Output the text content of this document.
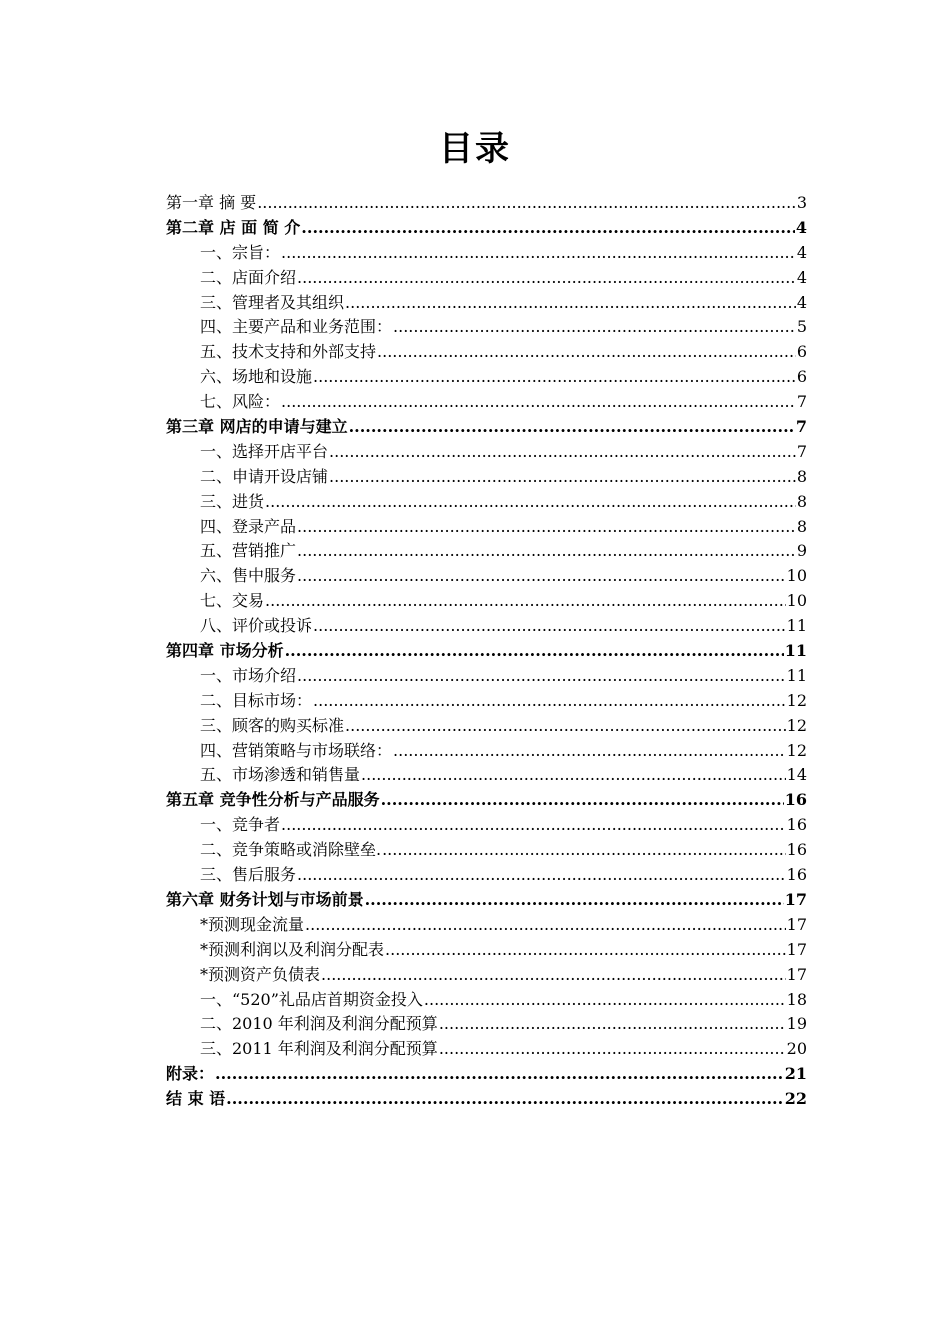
目录
第一章 摘 要 .....	3
第二章 店 面 简 介 .....	4
一、宗旨： .....	4
二、店面介绍 .....	4
三、管理者及其组织 .....	4
四、主要产品和业务范围： .....	5
五、技术支持和外部支持 .....	6
六、场地和设施 .....	6
七、风险： .....	7
第三章 网店的申请与建立 .....	7
一、选择开店平台 .....	7
二、申请开设店铺 .....	8
三、进货 .....	8
四、登录产品 .....	8
五、营销推广 .....	9
六、售中服务 .....	10
七、交易 .....	10
八、评价或投诉 .....	11
第四章 市场分析 .....	11
一、市场介绍 .....	11
二、目标市场： .....	12
三、顾客的购买标准 .....	12
四、营销策略与市场联络： .....	12
五、市场渗透和销售量 .....	14
第五章 竞争性分析与产品服务 .....	16
一、竞争者 .....	16
二、竞争策略或消除壁垒. .....	16
三、售后服务 .....	16
第六章 财务计划与市场前景 .....	17
*预测现金流量 .....	17
*预测利润以及利润分配表 .....	17
*预测资产负债表 .....	17
一、“520”礼品店首期资金投入 .....	18
二、2010 年利润及利润分配预算 .....	19
三、2011 年利润及利润分配预算 .....	20
附录： .....	21
结 束 语 .....	22
